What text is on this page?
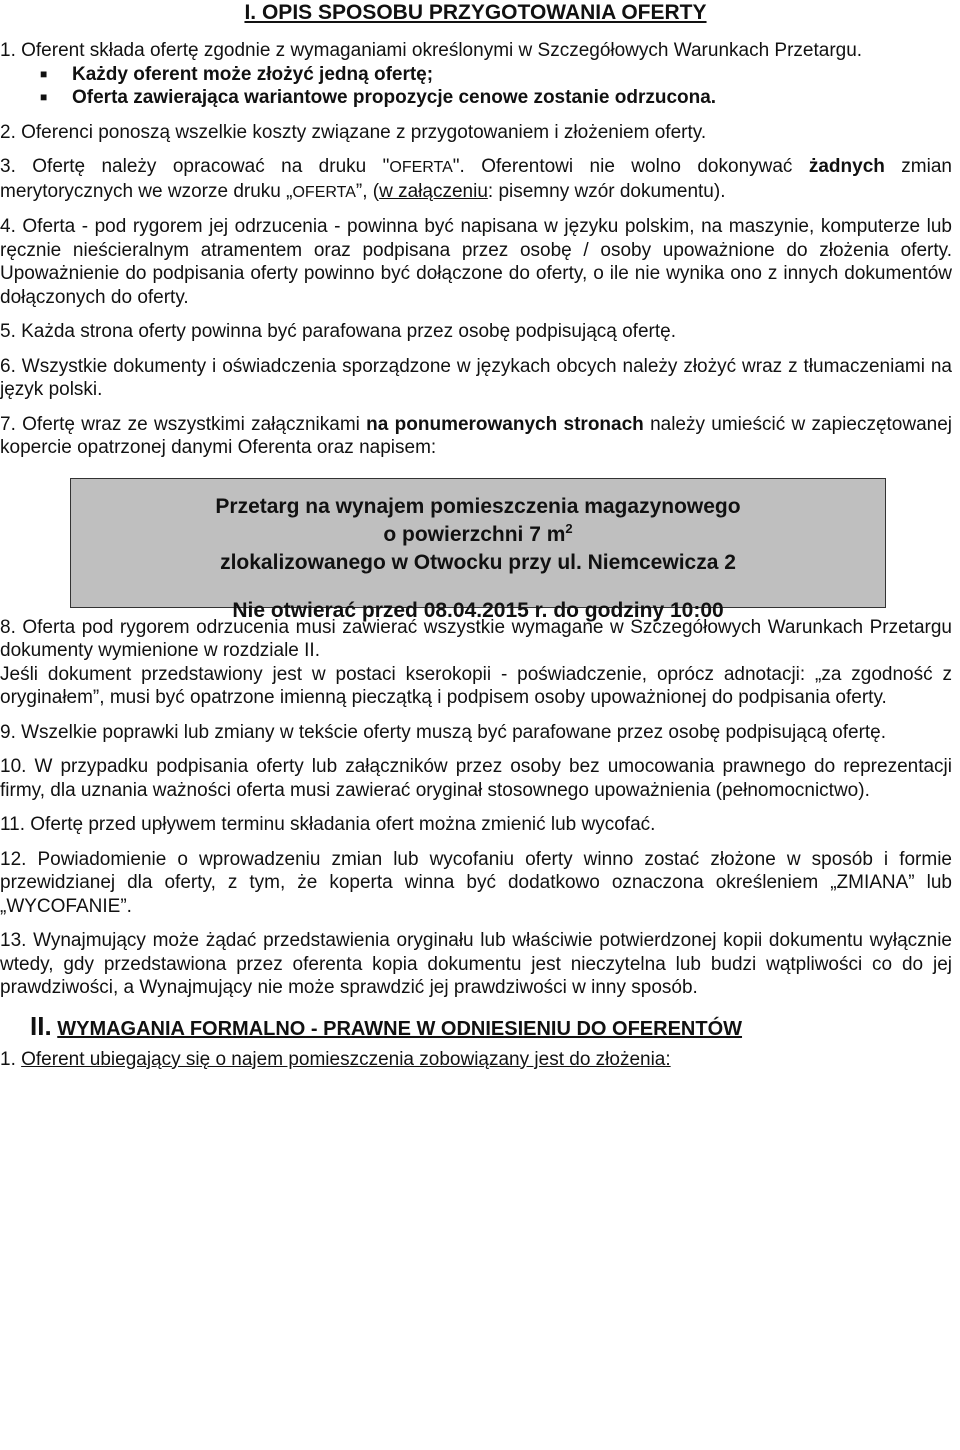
I. OPIS SPOSOBU PRZYGOTOWANIA OFERTY

1. Oferent składa ofertę zgodnie z wymaganiami określonymi w Szczegółowych Warunkach Przetargu.

■	Każdy oferent może złożyć jedną ofertę;
■	Oferta zawierająca wariantowe propozycje cenowe zostanie odrzucona.

2. Oferenci ponoszą wszelkie koszty związane z przygotowaniem i złożeniem oferty.

3. Ofertę należy opracować na druku "OFERTA". Oferentowi nie wolno dokonywać żadnych zmian merytorycznych we wzorze druku „OFERTA”, (w załączeniu: pisemny wzór dokumentu).

4. Oferta - pod rygorem jej odrzucenia - powinna być napisana w języku polskim, na maszynie, komputerze lub ręcznie nieścieralnym atramentem oraz podpisana przez osobę / osoby upoważnione do złożenia oferty. Upoważnienie do podpisania oferty powinno być dołączone do oferty, o ile nie wynika ono z innych dokumentów dołączonych do oferty.

5. Każda strona oferty powinna być parafowana przez osobę podpisującą ofertę.

6. Wszystkie dokumenty i oświadczenia sporządzone w językach obcych należy złożyć wraz z tłumaczeniami na język polski.

7. Ofertę wraz ze wszystkimi załącznikami na ponumerowanych stronach należy umieścić w zapieczętowanej kopercie opatrzonej danymi Oferenta oraz napisem:

Przetarg na wynajem pomieszczenia magazynowego
o powierzchni 7 $m^2$
zlokalizowanego w Otwocku przy ul. Niemcewicza 2
Nie otwierać przed 08.04.2015 r. do godziny 10:00

8. Oferta pod rygorem odrzucenia musi zawierać wszystkie wymagane w Szczegółowych Warunkach Przetargu dokumenty wymienione w rozdziale II.

Jeśli dokument przedstawiony jest w postaci kserokopii - poświadczenie, oprócz adnotacji: „za zgodność z oryginałem”, musi być opatrzone imienną pieczątką i podpisem osoby upoważnionej do podpisania oferty.

9. Wszelkie poprawki lub zmiany w tekście oferty muszą być parafowane przez osobę podpisującą ofertę.

10. W przypadku podpisania oferty lub załączników przez osoby bez umocowania prawnego do reprezentacji firmy, dla uznania ważności oferta musi zawierać oryginał stosownego upoważnienia (pełnomocnictwo).

11. Ofertę przed upływem terminu składania ofert można zmienić lub wycofać.

12. Powiadomienie o wprowadzeniu zmian lub wycofaniu oferty winno zostać złożone w sposób i formie przewidzianej dla oferty, z tym, że koperta winna być dodatkowo oznaczona określeniem „ZMIANA” lub „WYCOFANIE”.

13. Wynajmujący może żądać przedstawienia oryginału lub właściwie potwierdzonej kopii dokumentu wyłącznie wtedy, gdy przedstawiona przez oferenta kopia dokumentu jest nieczytelna lub budzi wątpliwości co do jej prawdziwości, a Wynajmujący nie może sprawdzić jej prawdziwości w inny sposób.

II. WYMAGANIA FORMALNO - PRAWNE W ODNIESIENIU DO OFERENTÓW

1. Oferent ubiegający się o najem pomieszczenia zobowiązany jest do złożenia:
